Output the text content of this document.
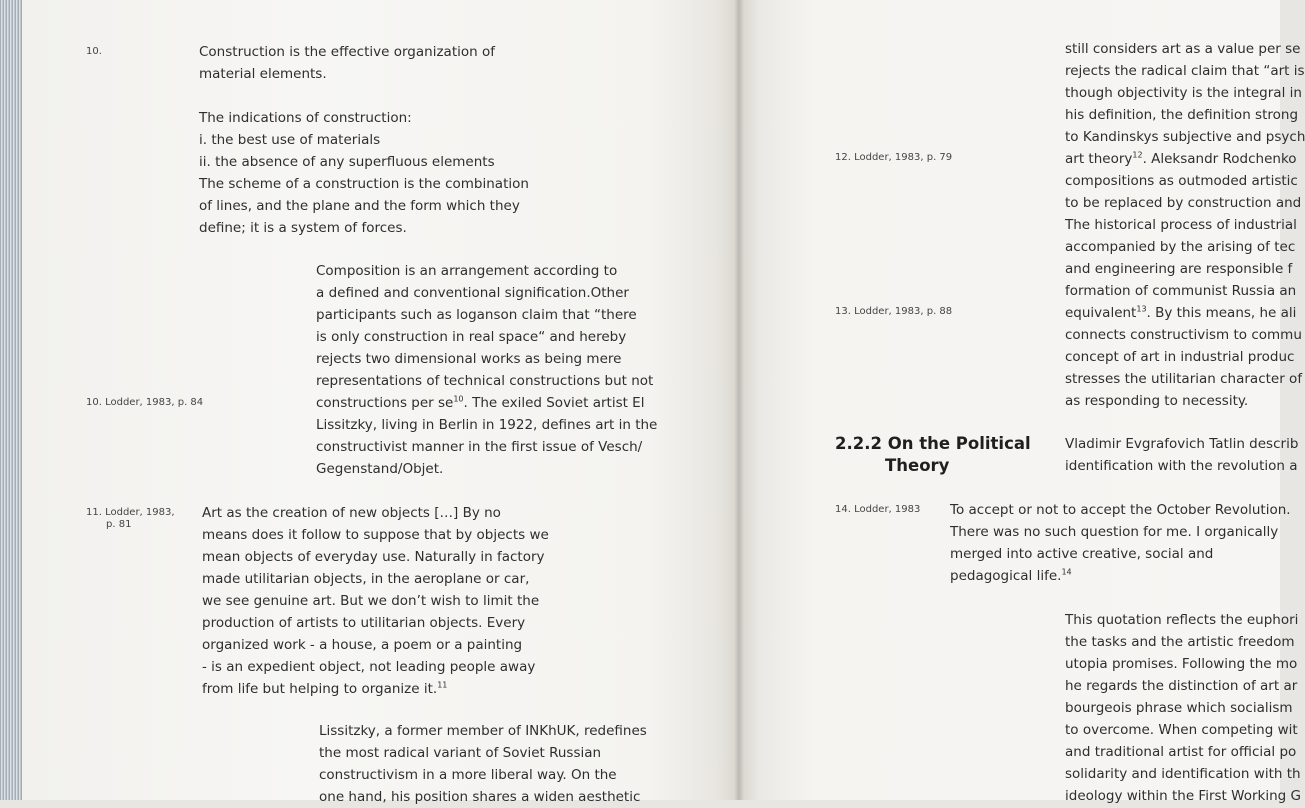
10.	Construction is the effective organization of
material elements.

The indications of construction:
i. the best use of materials
ii. the absence of any superfluous elements
The scheme of a construction is the combination
of lines, and the plane and the form which they
define; it is a system of forces.

Composition is an arrangement according to
a defined and conventional signification.Other
participants such as loganson claim that “there
is only construction in real space“ and hereby
rejects two dimensional works as being mere
representations of technical constructions but not
constructions per $se^{10}$. The exiled Soviet artist El
Lissitzky, living in Berlin in 1922, defines art in the
constructivist manner in the first issue of Vesch/
Gegenstand/Objet.

10. Lodder, 1983, p. 84

11. Lodder, 1983,
p. 81

Art as the creation of new objects […] By no
means does it follow to suppose that by objects we
mean objects of everyday use. Naturally in factory
made utilitarian objects, in the aeroplane or car,
we see genuine art. But we don’t wish to limit the
production of artists to utilitarian objects. Every
organized work - a house, a poem or a painting
- is an expedient object, not leading people away
from life but helping to organize it.$^{11}$

Lissitzky, a former member of INKhUK, redefines
the most radical variant of Soviet Russian
constructivism in a more liberal way. On the
one hand, his position shares a widen aesthetic

still considers art as a value per se
rejects the radical claim that “art is
though objectivity is the integral in
his definition, the definition strong
to Kandinskys subjective and psych
art theory$^{12}$. Aleksandr Rodchenko
compositions as outmoded artistic
to be replaced by construction and
The historical process of industrial
accompanied by the arising of tec
and engineering are responsible f
formation of communist Russia an
equivalent$^{13}$. By this means, he ali
connects constructivism to commu
concept of art in industrial produc
stresses the utilitarian character of
as responding to necessity.

12. Lodder, 1983, p. 79

13. Lodder, 1983, p. 88

2.2.2 On the Political
Theory

Vladimir Evgrafovich Tatlin describ
identification with the revolution a

14. Lodder, 1983 To accept or not to accept the October Revolution.
There was no such question for me. I organically
merged into active creative, social and
pedagogical life.$^{14}$

This quotation reflects the euphori
the tasks and the artistic freedom
utopia promises. Following the mo
he regards the distinction of art ar
bourgeois phrase which socialism
to overcome. When competing wit
and traditional artist for official po
solidarity and identification with th
ideology within the First Working G
